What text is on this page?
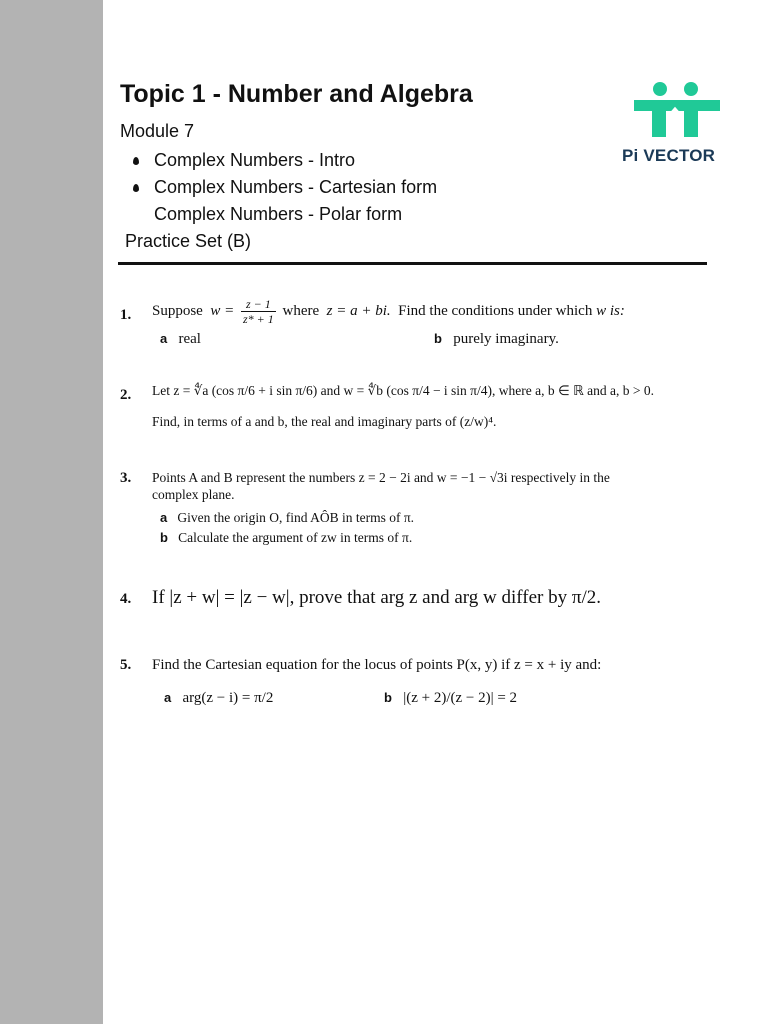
Topic 1 - Number and Algebra
Module 7
Complex Numbers - Intro
Complex Numbers - Cartesian form
Complex Numbers - Polar form
Practice Set (B)
Pi VECTOR
1. Suppose  $w = \frac{z - 1}{z* + 1}$ where z = a + bi. Find the conditions under which w is:
a real	b purely imaginary.
2. Let z = ∜a (cos π/6 + i sin π/6) and w = ∜b (cos π/4 − i sin π/4), where a, b ∈ ℝ and a, b > 0.
Find, in terms of a and b, the real and imaginary parts of (z/w)⁴.
3. Points A and B represent the numbers z = 2 − 2i and w = −1 − √3i respectively in the
complex plane.
a Given the origin O, find AÔB in terms of π.
b Calculate the argument of zw in terms of π.
4. If |z + w| = |z − w|, prove that arg z and arg w differ by π/2.
5. Find the Cartesian equation for the locus of points P(x, y) if z = x + iy and:
a arg(z − i) = π/2	b |(z + 2)/(z − 2)| = 2
